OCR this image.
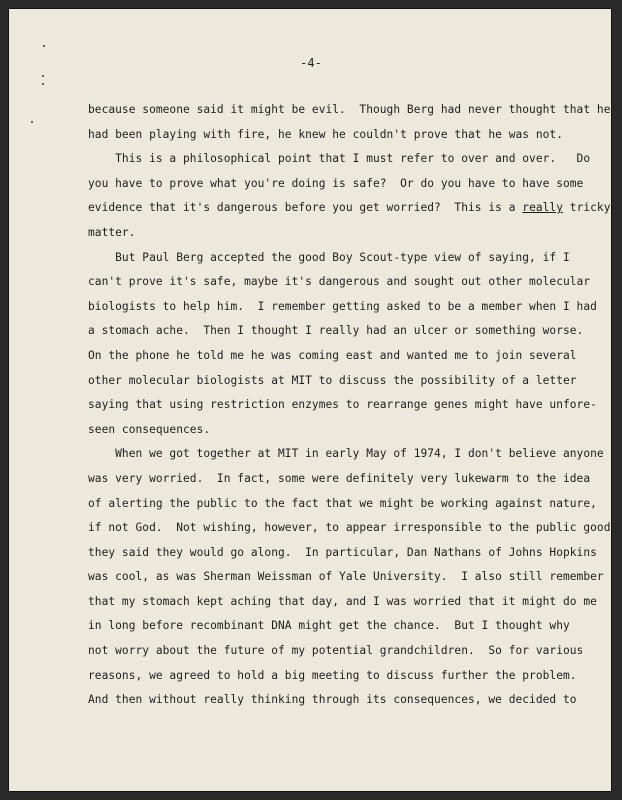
-4-
because someone said it might be evil.  Though Berg had never thought that he
had been playing with fire, he knew he couldn't prove that he was not.
This is a philosophical point that I must refer to over and over.   Do
you have to prove what you're doing is safe?  Or do you have to have some
evidence that it's dangerous before you get worried?  This is a really tricky
matter.
But Paul Berg accepted the good Boy Scout-type view of saying, if I
can't prove it's safe, maybe it's dangerous and sought out other molecular
biologists to help him.  I remember getting asked to be a member when I had
a stomach ache.  Then I thought I really had an ulcer or something worse.
On the phone he told me he was coming east and wanted me to join several
other molecular biologists at MIT to discuss the possibility of a letter
saying that using restriction enzymes to rearrange genes might have unfore-
seen consequences.
When we got together at MIT in early May of 1974, I don't believe anyone
was very worried.  In fact, some were definitely very lukewarm to the idea
of alerting the public to the fact that we might be working against nature,
if not God.  Not wishing, however, to appear irresponsible to the public good
they said they would go along.  In particular, Dan Nathans of Johns Hopkins
was cool, as was Sherman Weissman of Yale University.  I also still remember
that my stomach kept aching that day, and I was worried that it might do me
in long before recombinant DNA might get the chance.  But I thought why
not worry about the future of my potential grandchildren.  So for various
reasons, we agreed to hold a big meeting to discuss further the problem.
And then without really thinking through its consequences, we decided to
